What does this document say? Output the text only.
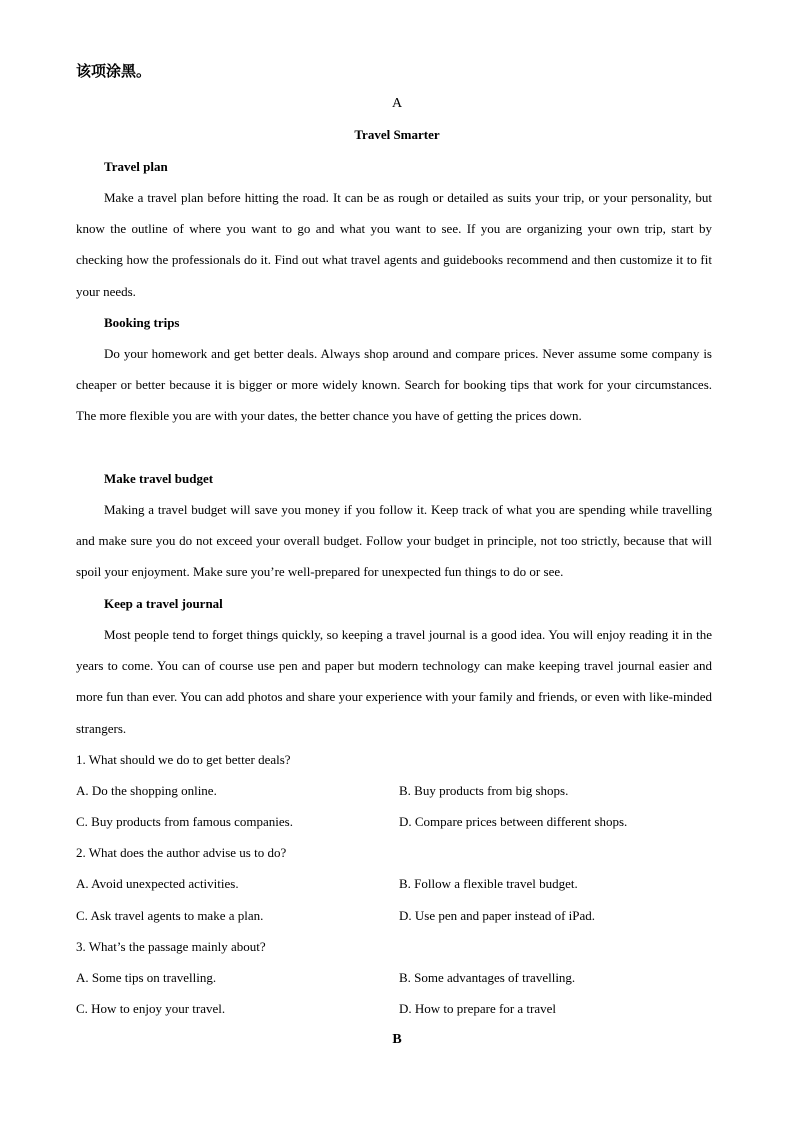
该项涂黑。
A
Travel Smarter
Travel plan
Make a travel plan before hitting the road. It can be as rough or detailed as suits your trip, or your personality, but know the outline of where you want to go and what you want to see. If you are organizing your own trip, start by checking how the professionals do it. Find out what travel agents and guidebooks recommend and then customize it to fit your needs.
Booking trips
Do your homework and get better deals. Always shop around and compare prices. Never assume some company is cheaper or better because it is bigger or more widely known. Search for booking tips that work for your circumstances. The more flexible you are with your dates, the better chance you have of getting the prices down.
Make travel budget
Making a travel budget will save you money if you follow it. Keep track of what you are spending while travelling and make sure you do not exceed your overall budget. Follow your budget in principle, not too strictly, because that will spoil your enjoyment. Make sure you’re well-prepared for unexpected fun things to do or see.
Keep a travel journal
Most people tend to forget things quickly, so keeping a travel journal is a good idea. You will enjoy reading it in the years to come. You can of course use pen and paper but modern technology can make keeping travel journal easier and more fun than ever. You can add photos and share your experience with your family and friends, or even with like-minded strangers.
1. What should we do to get better deals?
A. Do the shopping online.	B. Buy products from big shops.
C. Buy products from famous companies.	D. Compare prices between different shops.
2. What does the author advise us to do?
A. Avoid unexpected activities.	B. Follow a flexible travel budget.
C. Ask travel agents to make a plan.	D. Use pen and paper instead of iPad.
3. What’s the passage mainly about?
A. Some tips on travelling.	B. Some advantages of travelling.
C. How to enjoy your travel.	D. How to prepare for a travel
B
